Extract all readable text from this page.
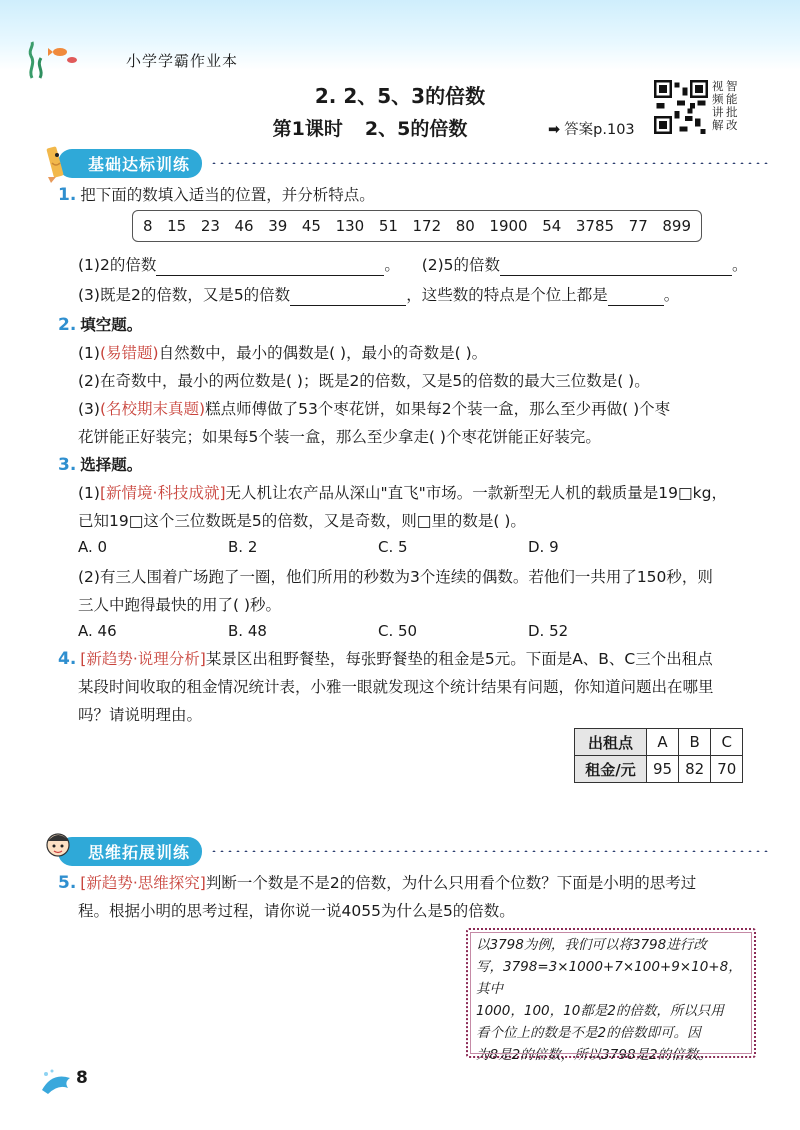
小学学霸作业本
2. 2、5、3的倍数
第1课时 2、5的倍数	➡ 答案p.103
视 智
频 能
讲 批
解 改
基础达标训练
1. 把下面的数填入适当的位置，并分析特点。
8 15 23 46 39 45 130 51 172 80 1900 54 3785 77 899
(1)2的倍数	。 (2)5的倍数	。
(3)既是2的倍数，又是5的倍数	，这些数的特点是个位上都是	。
2. 填空题。
(1)(易错题)自然数中，最小的偶数是( )，最小的奇数是( )。
(2)在奇数中，最小的两位数是( )；既是2的倍数，又是5的倍数的最大三位数是( )。
(3)(名校期末真题)糕点师傅做了53个枣花饼，如果每2个装一盒，那么至少再做( )个枣
花饼能正好装完；如果每5个装一盒，那么至少拿走( )个枣花饼能正好装完。
3. 选择题。
(1)[新情境·科技成就]无人机让农产品从深山"直飞"市场。一款新型无人机的载质量是19□kg，
已知19□这个三位数既是5的倍数，又是奇数，则□里的数是( )。
A. 0	B. 2	C. 5	D. 9
(2)有三人围着广场跑了一圈，他们所用的秒数为3个连续的偶数。若他们一共用了150秒，则
三人中跑得最快的用了( )秒。
A. 46	B. 48	C. 50	D. 52
4. [新趋势·说理分析]某景区出租野餐垫，每张野餐垫的租金是5元。下面是A、B、C三个出租点
某段时间收取的租金情况统计表，小雅一眼就发现这个统计结果有问题，你知道问题出在哪里
吗？请说明理由。
出租点	A	B	C
租金/元	95	82	70
思维拓展训练
5. [新趋势·思维探究]判断一个数是不是2的倍数，为什么只用看个位数？下面是小明的思考过
程。根据小明的思考过程，请你说一说4055为什么是5的倍数。
以3798为例，我们可以将3798进行改
写，3798=3×1000+7×100+9×10+8，其中
1000，100，10都是2的倍数，所以只用
看个位上的数是不是2的倍数即可。因
为8是2的倍数，所以3798是2的倍数。
8
